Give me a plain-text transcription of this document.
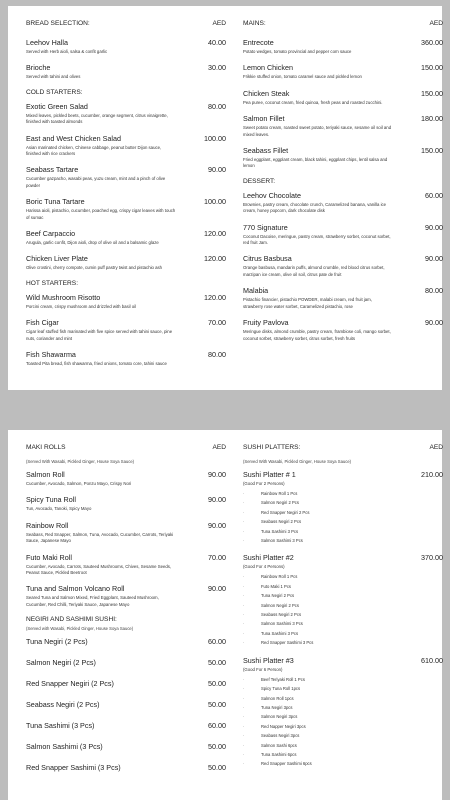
BREAD SELECTION:	AED
Leehov Halla	40.00
Served with Herb aioli, salsa & confit garlic
Brioche	30.00
Served with tahini and olives
COLD STARTERS:
Exotic Green Salad	80.00
Mixed leaves, pickled beets, cucumber, orange segment, citrus vinaigrette, finished with toasted almonds
East and West Chicken Salad	100.00
Asian marinated chicken, Chinese cabbage, peanut butter Dijon sauce, finished with rice crackers
Seabass Tartare	90.00
Cucumber gazpacho, wasabi peas, yuzu cream, mint and a pinch of olive powder
Boric Tuna Tartare	100.00
Harissa aioli, pistachio, cucumber, poached egg, crispy cigar leaves with touch of sumac
Beef Carpaccio	120.00
Arugula, garlic confit, Dijon aioli, drop of olive oil and a balsamic glaze
Chicken Liver Plate	120.00
Olive crostini, cherry compote, cumin puff pastry twist and pistachio ash
HOT STARTERS:
Wild Mushroom Risotto	120.00
Porcini cream, crispy mushroom and drizzled with basil oil
Fish Cigar	70.00
Cigar leaf stuffed fish marinated with five spice served with tahini sauce, pine nuts, coriander and mint
Fish Shawarma	80.00
Toasted Pita bread, fish shawarma, fried onions, tomato core, tahini sauce
MAINS:	AED
Entrecote	360.00
Potato wedges, tomato provincial and pepper corn sauce
Lemon Chicken	150.00
Frikkie stuffed onion, tomato caramel sauce and pickled lemon
Chicken Steak	150.00
Pea puree, coconut cream, fried quinoa, fresh peas and roasted zucchini.
Salmon Fillet	180.00
Sweet potato cream, roasted sweet potato, teriyaki sauce, sesame oil soil and mixed leaves.
Seabass Fillet	150.00
Fried eggplant, eggplant cream, black tahini, eggplant chips, lentil salsa and lemon
DESSERT:
Leehov Chocolate	60.00
Brownies, pastry cream, chocolate crunch, Caramelized banana, vanilla ice cream, honey popcorn, dark chocolate disk
770 Signature	90.00
Coconut Dacoise, meringue, pastry cream, strawberry sorbet, coconut sorbet, red fruit Jam.
Citrus Basbusa	90.00
Orange basbusa, mandarin puffs, almond crumble, red blood citrus sorbet, marzipan ice cream, olive oil soil, citrus pate de fruit
Malabia	80.00
Pistachio financier, pistachio POWDER, malabi cream, red fruit jam, strawberry rose water sorbet, Caramelized pistachio, rose
Fruity Pavlova	90.00
Meringue disks, almond crumble, pastry cream, frambiose coli, mango sorbet, coconut sorbet, strawberry sorbet, citrus sorbet, fresh fruits
MAKI ROLLS	AED
(Served With Wasabi, Pickled Ginger, House Soya Sauce)
Salmon Roll	90.00
Cucumber, Avocado, Salmon, Ponzu Mayo, Crispy Nori
Spicy Tuna Roll	90.00
Tun, Avocado, Tanoki, Spicy Mayo
Rainbow Roll	90.00
Seabass, Red Snapper, Salmon, Tuna, Avocado, Cucumber, Carrots, Teriyaki Sauce, Japanese Mayo
Futo Maki Roll	70.00
Cucumber, Avocado, Carrots, Sauteed Mushrooms, Chives, Sesame Seeds, Peanut Sauce, Pickled Beetroot
Tuna and Salmon Volcano Roll	90.00
Seared Tuna and Salmon Mixed, Fried Eggplant, Sauteed Mushroom, Cucumber, Red Chilli, Teriyaki Sauce, Japanese Mayo
NEGIRI AND SASHIMI SUSHI:
(Served with Wasabi, Pickled Ginger, House Soya Sauce)
Tuna Negiri (2 Pcs)	60.00
Salmon Negiri (2 Pcs)	50.00
Red Snapper Negiri (2 Pcs)	50.00
Seabass Negiri (2 Pcs)	50.00
Tuna Sashimi (3 Pcs)	60.00
Salmon Sashimi (3 Pcs)	50.00
Red Snapper Sashimi (3 Pcs)	50.00
SUSHI PLATTERS:	AED
(Served With Wasabi, Pickled Ginger, House Soya Sauce)
Sushi Platter # 1	210.00
(Good For 2 Persons)
· Rainbow Roll 1 Pcs
· Salmon Negiri 2 Pcs
· Red Snapper Negiri 2 Pcs
· Seabass Negiri 2 Pcs
· Tuna Sashimi 3 Pcs
· Salmon Sashimi 3 Pcs
Sushi Platter #2	370.00
(Good For 4 Persons)
· Rainbow Roll 1 Pcs
· Futo Maki 1 Pcs
· Tuna Negiri 2 Pcs
· Salmon Negiri 2 Pcs
· Seabass Negiri 2 Pcs
· Salmon Sashimi 3 Pcs
· Tuna Sashimi 3 Pcs
· Red Snapper Sashimi 3 Pcs
Sushi Platter #3	610.00
(Good For 6 Person)
· Beef Teriyaki Roll 1 Pcs
· Spicy Tuna Roll 1pcs
· Salmon Roll 1pcs
· Tuna Negiri 3pcs
· Salmon Negiri 3pcs
· Red Napper Negiri 3pcs
· Seabass Negiri 3pcs
· Salmon Sashi 6pcs
· Tuna Sashimi 6pcs
· Red Snapper Sashimi 6pcs
